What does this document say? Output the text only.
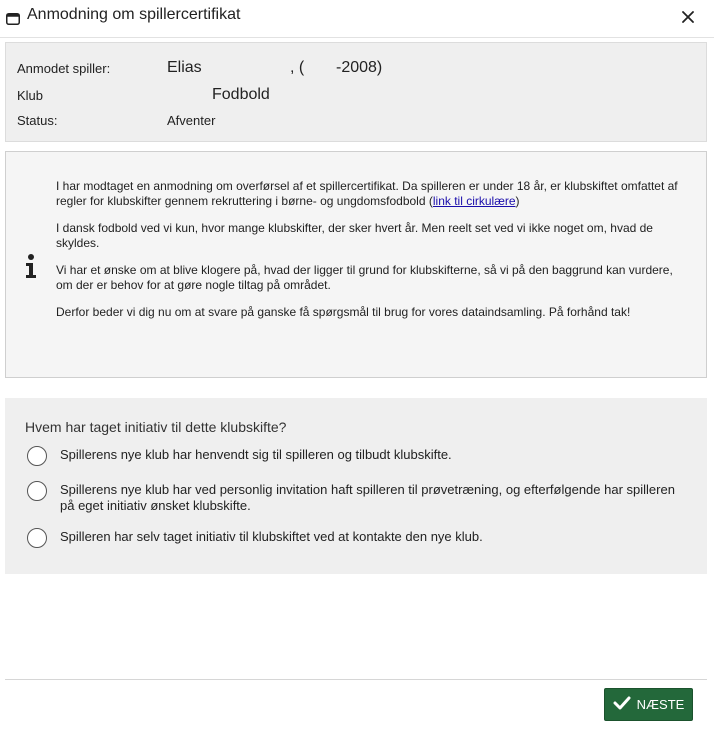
Anmodning om spillercertifikat
Anmodet spiller:	Elias	, ( -2008)
Klub	Fodbold
Status:	Afventer

I har modtaget en anmodning om overførsel af et spillercertifikat. Da spilleren er under 18 år, er klubskiftet omfattet af regler for klubskifter gennem rekruttering i børne- og ungdomsfodbold (link til cirkulære)

I dansk fodbold ved vi kun, hvor mange klubskifter, der sker hvert år. Men reelt set ved vi ikke noget om, hvad de skyldes.

Vi har et ønske om at blive klogere på, hvad der ligger til grund for klubskifterne, så vi på den baggrund kan vurdere, om der er behov for at gøre nogle tiltag på området.

Derfor beder vi dig nu om at svare på ganske få spørgsmål til brug for vores dataindsamling. På forhånd tak!

Hvem har taget initiativ til dette klubskifte?
Spillerens nye klub har henvendt sig til spilleren og tilbudt klubskifte.
Spillerens nye klub har ved personlig invitation haft spilleren til prøvetræning, og efterfølgende har spilleren på eget initiativ ønsket klubskifte.
Spilleren har selv taget initiativ til klubskiftet ved at kontakte den nye klub.
NÆSTE
